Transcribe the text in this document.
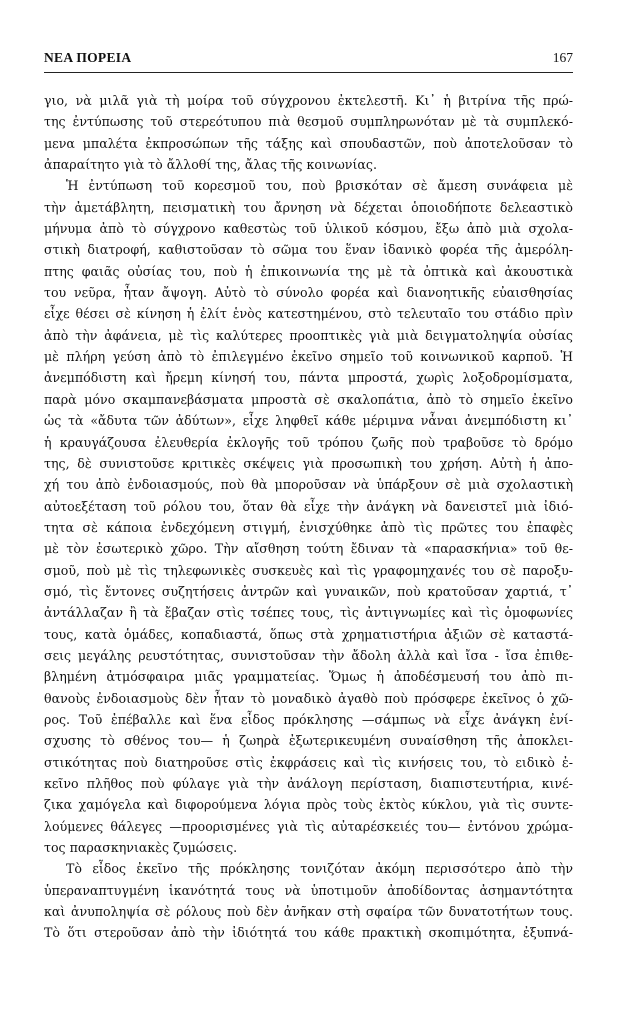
ΝΕΑ ΠΟΡΕΙΑ	167
γιο, νὰ μιλᾶ γιὰ τὴ μοίρα τοῦ σύγχρονου ἐκτελεστῆ. Κι᾽ ἡ βιτρίνα τῆς πρώ-
της ἐντύπωσης τοῦ στερεότυπου πιὰ θεσμοῦ συμπληρωνόταν μὲ τὰ συμπλεκό-
μενα μπαλέτα ἐκπροσώπων τῆς τάξης καὶ σπουδαστῶν, ποὺ ἀποτελοῦσαν τὸ
ἀπαραίτητο γιὰ τὸ ἄλλοθί της, ἄλας τῆς κοινωνίας.
Ἡ ἐντύπωση τοῦ κορεσμοῦ του, ποὺ βρισκόταν σὲ ἄμεση συνάφεια μὲ
τὴν ἀμετάβλητη, πεισματικὴ του ἄρνηση νὰ δέχεται ὁποιοδήποτε δελεαστικὸ
μήνυμα ἀπὸ τὸ σύγχρονο καθεστὼς τοῦ ὑλικοῦ κόσμου, ἔξω ἀπὸ μιὰ σχολα-
στικὴ διατροφή, καθιστοῦσαν τὸ σῶμα του ἕναν ἰδανικὸ φορέα τῆς ἀμερόλη-
πτης φαιᾶς οὐσίας του, ποὺ ἡ ἐπικοινωνία της μὲ τὰ ὀπτικὰ καὶ ἀκουστικὰ
του νεῦρα, ἦταν ἄψογη. Αὐτὸ τὸ σύνολο φορέα καὶ διανοητικῆς εὐαισθησίας
εἶχε θέσει σὲ κίνηση ἡ ἐλίτ ἑνὸς κατεστημένου, στὸ τελευταῖο του στάδιο πρὶν
ἀπὸ τὴν ἀφάνεια, μὲ τὶς καλύτερες προοπτικὲς γιὰ μιὰ δειγματοληψία οὐσίας
μὲ πλήρη γεύση ἀπὸ τὸ ἐπιλεγμένο ἐκεῖνο σημεῖο τοῦ κοινωνικοῦ καρποῦ. Ἡ
ἀνεμπόδιστη καὶ ἤρεμη κίνησή του, πάντα μπροστά, χωρὶς λοξοδρομίσματα,
παρὰ μόνο σκαμπανεβάσματα μπροστὰ σὲ σκαλοπάτια, ἀπὸ τὸ σημεῖο ἐκεῖνο
ὡς τὰ «ἄδυτα τῶν ἀδύτων», εἶχε ληφθεῖ κάθε μέριμνα νἆναι ἀνεμπόδιστη κι᾽
ἡ κραυγάζουσα ἐλευθερία ἐκλογῆς τοῦ τρόπου ζωῆς ποὺ τραβοῦσε τὸ δρόμο
της, δὲ συνιστοῦσε κριτικὲς σκέψεις γιὰ προσωπικὴ του χρήση. Αὐτὴ ἡ ἀπο-
χή του ἀπὸ ἐνδοιασμούς, ποὺ θὰ μποροῦσαν νὰ ὑπάρξουν σὲ μιὰ σχολαστικὴ
αὐτοεξέταση τοῦ ρόλου του, ὅταν θὰ εἶχε τὴν ἀνάγκη νὰ δανειστεῖ μιὰ ἰδιό-
τητα σὲ κάποια ἐνδεχόμενη στιγμή, ἐνισχύθηκε ἀπὸ τὶς πρῶτες του ἐπαφὲς
μὲ τὸν ἐσωτερικὸ χῶρο. Τὴν αἴσθηση τούτη ἔδιναν τὰ «παρασκήνια» τοῦ θε-
σμοῦ, ποὺ μὲ τὶς τηλεφωνικὲς συσκευὲς καὶ τὶς γραφομηχανές του σὲ παροξυ-
σμό, τὶς ἔντονες συζητήσεις ἀντρῶν καὶ γυναικῶν, ποὺ κρατοῦσαν χαρτιά, τ᾽
ἀντάλλαζαν ἢ τὰ ἔβαζαν στὶς τσέπες τους, τὶς ἀντιγνωμίες καὶ τὶς ὁμοφωνίες
τους, κατὰ ὁμάδες, κοπαδιαστά, ὅπως στὰ χρηματιστήρια ἀξιῶν σὲ καταστά-
σεις μεγάλης ρευστότητας, συνιστοῦσαν τὴν ἄδολη ἀλλὰ καὶ ἴσα - ἴσα ἐπιθε-
βλημένη ἀτμόσφαιρα μιᾶς γραμματείας. Ὅμως ἡ ἀποδέσμευσή του ἀπὸ πι-
θανοὺς ἐνδοιασμοὺς δὲν ἦταν τὸ μοναδικὸ ἀγαθὸ ποὺ πρόσφερε ἐκεῖνος ὁ χῶ-
ρος. Τοῦ ἐπέβαλλε καὶ ἕνα εἶδος πρόκλησης —σάμπως νὰ εἶχε ἀνάγκη ἐνί-
σχυσης τὸ σθένος του— ἡ ζωηρὰ ἐξωτερικευμένη συναίσθηση τῆς ἀποκλει-
στικότητας ποὺ διατηροῦσε στὶς ἐκφράσεις καὶ τὶς κινήσεις του, τὸ ειδικὸ ἐ-
κεῖνο πλῆθος ποὺ φύλαγε γιὰ τὴν ἀνάλογη περίσταση, διαπιστευτήρια, κινέ-
ζικα χαμόγελα καὶ διφορούμενα λόγια πρὸς τοὺς ἐκτὸς κύκλου, γιὰ τὶς συντε-
λούμενες θάλεγες —προορισμένες γιὰ τὶς αὐταρέσκειές του— ἐντόνου χρώμα-
τος παρασκηνιακὲς ζυμώσεις.
Τὸ εἶδος ἐκεῖνο τῆς πρόκλησης τονιζόταν ἀκόμη περισσότερο ἀπὸ τὴν
ὑπεραναπτυγμένη ἱκανότητά τους νὰ ὑποτιμοῦν ἀποδίδοντας ἀσημαντότητα
καὶ ἀνυποληψία σὲ ρόλους ποὺ δὲν ἀνῆκαν στὴ σφαίρα τῶν δυνατοτήτων τους.
Τὸ ὅτι στεροῦσαν ἀπὸ τὴν ἰδιότητά του κάθε πρακτικὴ σκοπιμότητα, ἐξυπνά-
